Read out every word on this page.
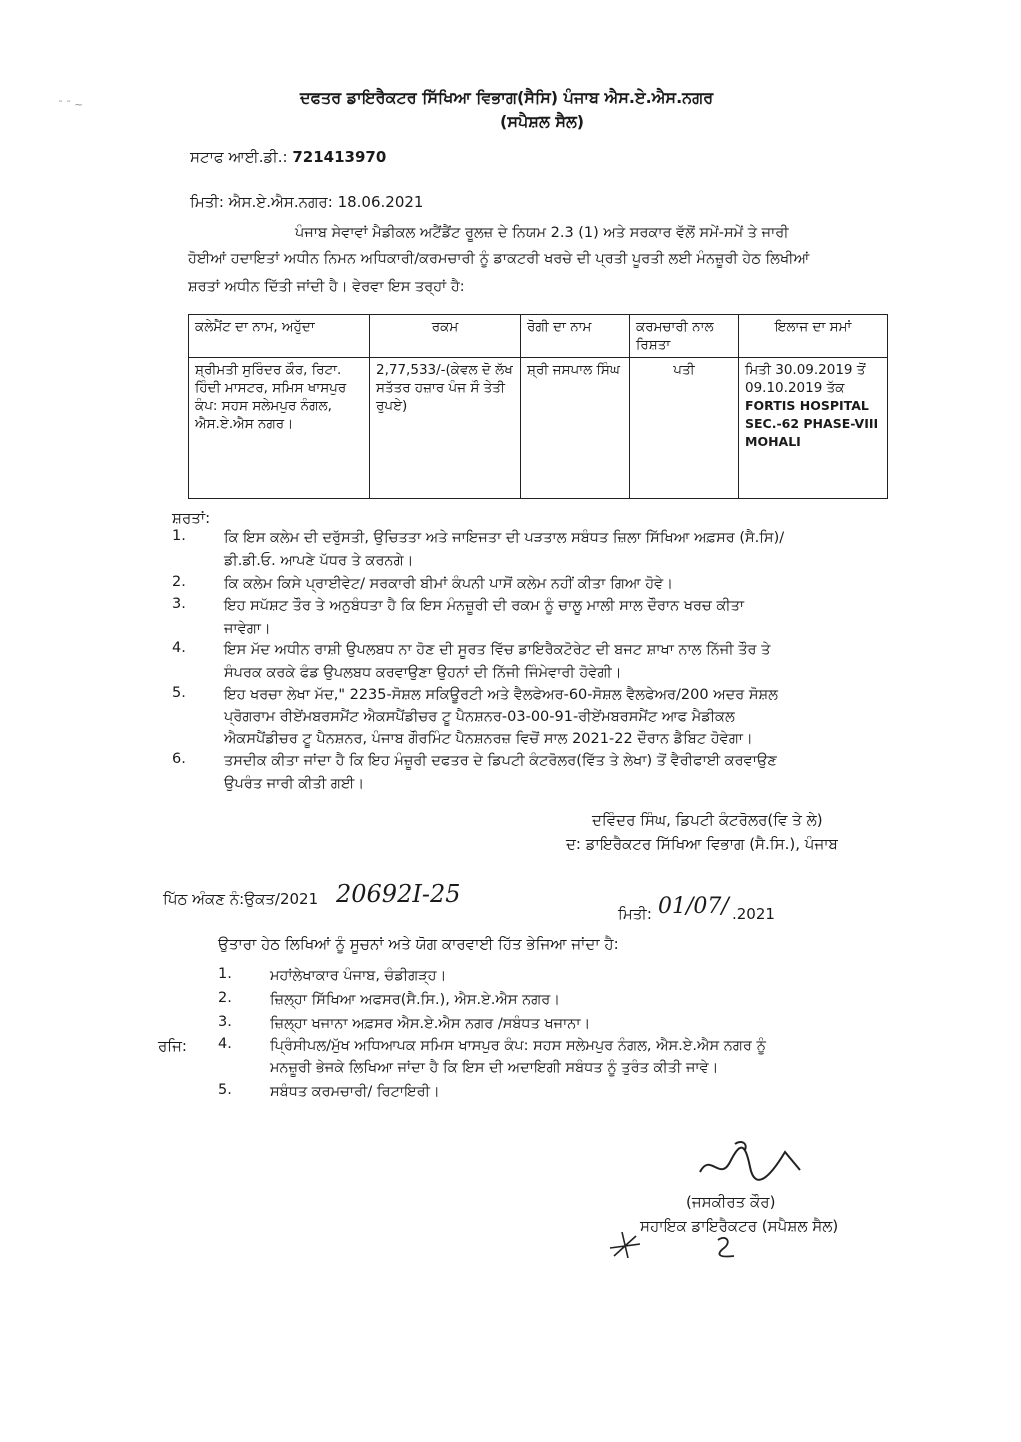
ਦਫਤਰ ਡਾਇਰੈਕਟਰ ਸਿੱਖਿਆ ਵਿਭਾਗ(ਸੈਸਿ) ਪੰਜਾਬ ਐਸ.ਏ.ਐਸ.ਨਗਰ
(ਸਪੈਸ਼ਲ ਸੈਲ)
˜ ˜ ~
ਸਟਾਫ ਆਈ.ਡੀ.: 721413970
ਮਿਤੀ: ਐਸ.ਏ.ਐਸ.ਨਗਰ: 18.06.2021
ਪੰਜਾਬ ਸੇਵਾਵਾਂ ਮੈਡੀਕਲ ਅਟੈਂਡੈਂਟ ਰੂਲਜ਼ ਦੇ ਨਿਯਮ 2.3 (1) ਅਤੇ ਸਰਕਾਰ ਵੱਲੋਂ ਸਮੇਂ-ਸਮੇਂ ਤੇ ਜਾਰੀ
ਹੋਈਆਂ ਹਦਾਇਤਾਂ ਅਧੀਨ ਨਿਮਨ ਅਧਿਕਾਰੀ/ਕਰਮਚਾਰੀ ਨੂੰ ਡਾਕਟਰੀ ਖਰਚੇ ਦੀ ਪ੍ਰਤੀ ਪੂਰਤੀ ਲਈ ਮੰਨਜ਼ੂਰੀ ਹੇਠ ਲਿਖੀਆਂ
ਸ਼ਰਤਾਂ ਅਧੀਨ ਦਿੱਤੀ ਜਾਂਦੀ ਹੈ। ਵੇਰਵਾ ਇਸ ਤਰ੍ਹਾਂ ਹੈ:
ਕਲੇਮੈਂਟ ਦਾ ਨਾਮ, ਅਹੁੱਦਾ	ਰਕਮ	ਰੋਗੀ ਦਾ ਨਾਮ	ਕਰਮਚਾਰੀ ਨਾਲ ਰਿਸ਼ਤਾ	ਇਲਾਜ ਦਾ ਸਮਾਂ
ਸ਼੍ਰੀਮਤੀ ਸੁਰਿੰਦਰ ਕੌਰ, ਰਿਟਾ. ਹਿੰਦੀ ਮਾਸਟਰ, ਸਮਿਸ ਖਾਸਪੁਰ ਕੰਪ: ਸਹਸ ਸਲੇਮਪੁਰ ਨੰਗਲ, ਐਸ.ਏ.ਐਸ ਨਗਰ।	2,77,533/-(ਕੇਵਲ ਦੋ ਲੱਖ ਸਤੱਤਰ ਹਜ਼ਾਰ ਪੰਜ ਸੌ ਤੇਤੀ ਰੁਪਏ)	ਸ਼੍ਰੀ ਜਸਪਾਲ ਸਿੰਘ	ਪਤੀ	ਮਿਤੀ 30.09.2019 ਤੋਂ 09.10.2019 ਤੱਕ
FORTIS HOSPITAL SEC.-62 PHASE-VIII MOHALI
ਸ਼ਰਤਾਂ:
1.	ਕਿ ਇਸ ਕਲੇਮ ਦੀ ਦਰੁੱਸਤੀ, ਉਚਿਤਤਾ ਅਤੇ ਜਾਇਜਤਾ ਦੀ ਪੜਤਾਲ ਸਬੰਧਤ ਜ਼ਿਲਾ ਸਿੱਖਿਆ ਅਫ਼ਸਰ (ਸੈ.ਸਿ)/
ਡੀ.ਡੀ.ਓ. ਆਪਣੇ ਪੱਧਰ ਤੇ ਕਰਨਗੇ।
2.	ਕਿ ਕਲੇਮ ਕਿਸੇ ਪ੍ਰਾਈਵੇਟ/ ਸਰਕਾਰੀ ਬੀਮਾਂ ਕੰਪਨੀ ਪਾਸੋਂ ਕਲੇਮ ਨਹੀਂ ਕੀਤਾ ਗਿਆ ਹੋਵੇ।
3.	ਇਹ ਸਪੱਸ਼ਟ ਤੌਰ ਤੇ ਅਨੁਬੰਧਤਾ ਹੈ ਕਿ ਇਸ ਮੰਨਜ਼ੂਰੀ ਦੀ ਰਕਮ ਨੂੰ ਚਾਲੂ ਮਾਲੀ ਸਾਲ ਦੌਰਾਨ ਖਰਚ ਕੀਤਾ
ਜਾਵੇਗਾ।
4.	ਇਸ ਮੱਦ ਅਧੀਨ ਰਾਸ਼ੀ ਉਪਲਬਧ ਨਾ ਹੋਣ ਦੀ ਸੂਰਤ ਵਿੱਚ ਡਾਇਰੈਕਟੋਰੇਟ ਦੀ ਬਜਟ ਸ਼ਾਖਾ ਨਾਲ ਨਿੱਜੀ ਤੌਰ ਤੇ
ਸੰਪਰਕ ਕਰਕੇ ਫੰਡ ਉਪਲਬਧ ਕਰਵਾਉਣਾ ਉਹਨਾਂ ਦੀ ਨਿੱਜੀ ਜਿੰਮੇਵਾਰੀ ਹੋਵੇਗੀ।
5.	ਇਹ ਖਰਚਾ ਲੇਖਾ ਮੱਦ," 2235-ਸੋਸ਼ਲ ਸਕਿਊਰਟੀ ਅਤੇ ਵੈਲਫੇਅਰ-60-ਸੋਸ਼ਲ ਵੈਲਫੇਅਰ/200 ਅਦਰ ਸੋਸ਼ਲ
ਪ੍ਰੋਗਰਾਮ ਰੀਏਂਮਬਰਸਮੈਂਟ ਐਕਸਪੈਂਡੀਚਰ ਟੂ ਪੈਨਸ਼ਨਰ-03-00-91-ਰੀਏਂਮਬਰਸਮੈਂਟ ਆਫ ਮੈਡੀਕਲ
ਐਕਸਪੈਂਡੀਚਰ ਟੂ ਪੈਨਸ਼ਨਰ, ਪੰਜਾਬ ਗੌਰਮਿੰਟ ਪੈਨਸ਼ਨਰਜ਼ ਵਿਚੋਂ ਸਾਲ 2021-22 ਦੌਰਾਨ ਡੈਬਿਟ ਹੋਵੇਗਾ।
6.	ਤਸਦੀਕ ਕੀਤਾ ਜਾਂਦਾ ਹੈ ਕਿ ਇਹ ਮੰਜ਼ੂਰੀ ਦਫਤਰ ਦੇ ਡਿਪਟੀ ਕੰਟਰੋਲਰ(ਵਿੱਤ ਤੇ ਲੇਖਾ) ਤੋਂ ਵੈਰੀਫਾਈ ਕਰਵਾਉਣ
ਉਪਰੰਤ ਜਾਰੀ ਕੀਤੀ ਗਈ।
ਦਵਿੰਦਰ ਸਿੰਘ, ਡਿਪਟੀ ਕੰਟਰੋਲਰ(ਵਿ ਤੇ ਲੇ)
ਦ: ਡਾਇਰੈਕਟਰ ਸਿੱਖਿਆ ਵਿਭਾਗ (ਸੈ.ਸਿ.), ਪੰਜਾਬ
ਪਿੱਠ ਅੰਕਣ ਨੰ:ਉਕਤ/2021 20692I-25
ਮਿਤੀ: 01/07/ .2021
ਉਤਾਰਾ ਹੇਠ ਲਿਖਿਆਂ ਨੂੰ ਸੂਚਨਾਂ ਅਤੇ ਯੋਗ ਕਾਰਵਾਈ ਹਿੱਤ ਭੇਜਿਆ ਜਾਂਦਾ ਹੈ:
1.	ਮਹਾਂਲੇਖਾਕਾਰ ਪੰਜਾਬ, ਚੰਡੀਗੜ੍ਹ।
2.	ਜ਼ਿਲ੍ਹਾ ਸਿੱਖਿਆ ਅਫਸਰ(ਸੈ.ਸਿ.), ਐਸ.ਏ.ਐਸ ਨਗਰ।
3.	ਜ਼ਿਲ੍ਹਾ ਖਜਾਨਾ ਅਫ਼ਸਰ ਐਸ.ਏ.ਐਸ ਨਗਰ /ਸਬੰਧਤ ਖਜਾਨਾ।
ਰਜਿ: 4.	ਪ੍ਰਿੰਸੀਪਲ/ਮੁੱਖ ਅਧਿਆਪਕ ਸਮਿਸ ਖਾਸਪੁਰ ਕੰਪ: ਸਹਸ ਸਲੇਮਪੁਰ ਨੰਗਲ, ਐਸ.ਏ.ਐਸ ਨਗਰ ਨੂੰ
ਮਨਜ਼ੂਰੀ ਭੇਜਕੇ ਲਿਖਿਆ ਜਾਂਦਾ ਹੈ ਕਿ ਇਸ ਦੀ ਅਦਾਇਗੀ ਸਬੰਧਤ ਨੂੰ ਤੁਰੰਤ ਕੀਤੀ ਜਾਵੇ।
5.	ਸਬੰਧਤ ਕਰਮਚਾਰੀ/ ਰਿਟਾਇਰੀ।
(ਜਸਕੀਰਤ ਕੌਰ)
ਸਹਾਇਕ ਡਾਇਰੈਕਟਰ (ਸਪੈਸ਼ਲ ਸੈਲ)
